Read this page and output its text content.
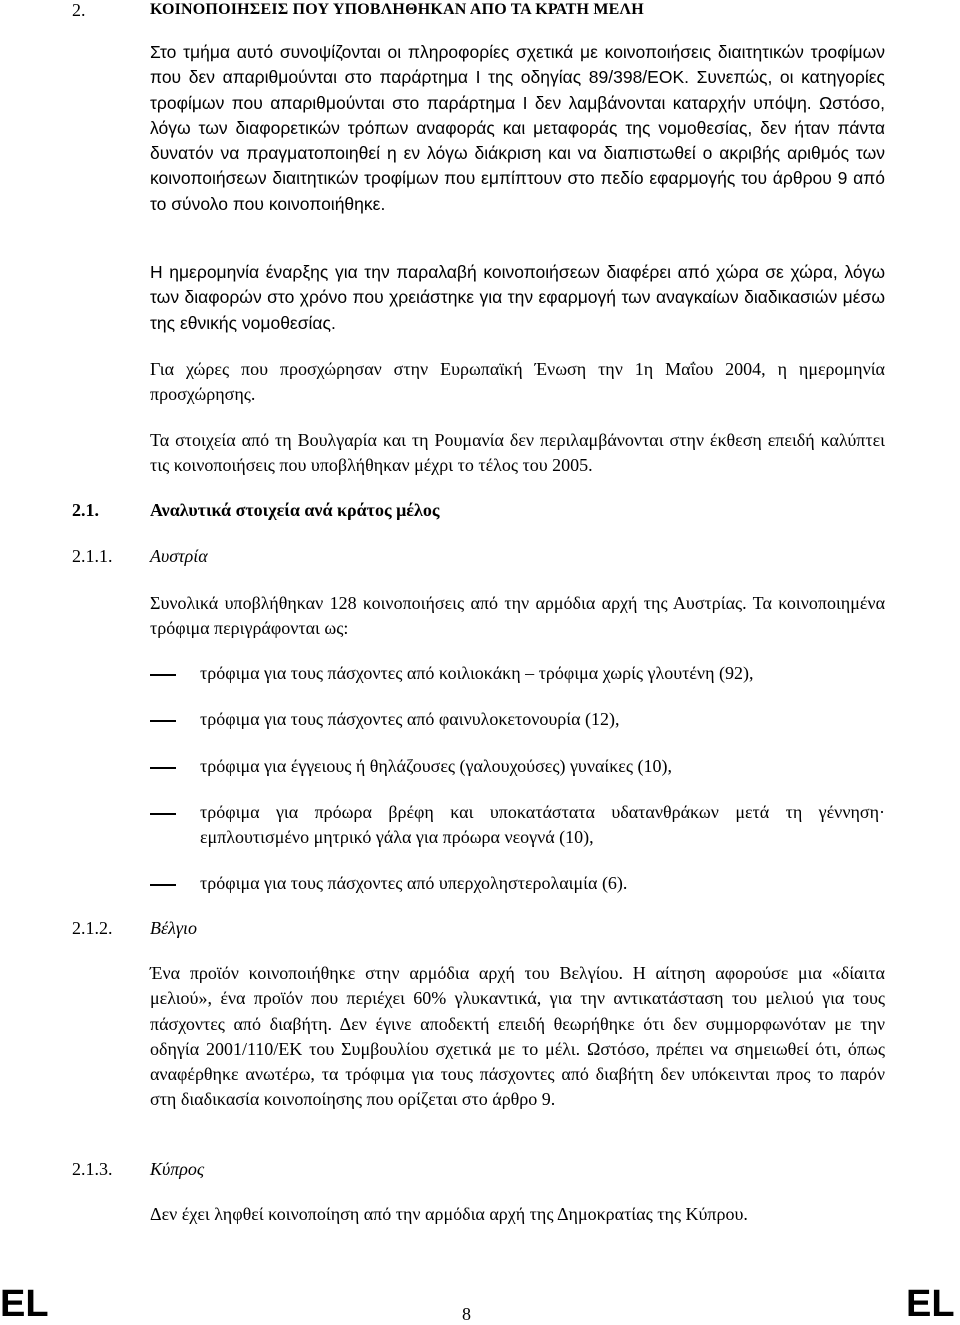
2.	ΚΟΙΝΟΠΟΙΗΣΕΙΣ ΠΟΥ ΥΠΟΒΛΗΘΗΚΑΝ ΑΠΟ ΤΑ ΚΡΑΤΗ ΜΕΛΗ
Στο τμήμα αυτό συνοψίζονται οι πληροφορίες σχετικά με κοινοποιήσεις διαιτητικών τροφίμων που δεν απαριθμούνται στο παράρτημα Ι της οδηγίας 89/398/ΕΟΚ. Συνεπώς, οι κατηγορίες τροφίμων που απαριθμούνται στο παράρτημα Ι δεν λαμβάνονται καταρχήν υπόψη. Ωστόσο, λόγω των διαφορετικών τρόπων αναφοράς και μεταφοράς της νομοθεσίας, δεν ήταν πάντα δυνατόν να πραγματοποιηθεί η εν λόγω διάκριση και να διαπιστωθεί ο ακριβής αριθμός των κοινοποιήσεων διαιτητικών τροφίμων που εμπίπτουν στο πεδίο εφαρμογής του άρθρου 9 από το σύνολο που κοινοποιήθηκε.
Η ημερομηνία έναρξης για την παραλαβή κοινοποιήσεων διαφέρει από χώρα σε χώρα, λόγω των διαφορών στο χρόνο που χρειάστηκε για την εφαρμογή των αναγκαίων διαδικασιών μέσω της εθνικής νομοθεσίας.
Για χώρες που προσχώρησαν στην Ευρωπαϊκή Ένωση την 1η Μαΐου 2004, η ημερομηνία προσχώρησης.
Τα στοιχεία από τη Βουλγαρία και τη Ρουμανία δεν περιλαμβάνονται στην έκθεση επειδή καλύπτει τις κοινοποιήσεις που υποβλήθηκαν μέχρι το τέλος του 2005.
2.1.	Αναλυτικά στοιχεία ανά κράτος μέλος
2.1.1. Αυστρία
Συνολικά υποβλήθηκαν 128 κοινοποιήσεις από την αρμόδια αρχή της Αυστρίας. Τα κοινοποιημένα τρόφιμα περιγράφονται ως:
τρόφιμα για τους πάσχοντες από κοιλιοκάκη – τρόφιμα χωρίς γλουτένη (92),
τρόφιμα για τους πάσχοντες από φαινυλοκετονουρία (12),
τρόφιμα για έγγειους ή θηλάζουσες (γαλουχούσες) γυναίκες (10),
τρόφιμα για πρόωρα βρέφη και υποκατάστατα υδατανθράκων μετά τη γέννηση· εμπλουτισμένο μητρικό γάλα για πρόωρα νεογνά (10),
τρόφιμα για τους πάσχοντες από υπερχοληστερολαιμία (6).
2.1.2. Βέλγιο
Ένα προϊόν κοινοποιήθηκε στην αρμόδια αρχή του Βελγίου. Η αίτηση αφορούσε μια «δίαιτα μελιού», ένα προϊόν που περιέχει 60% γλυκαντικά, για την αντικατάσταση του μελιού για τους πάσχοντες από διαβήτη. Δεν έγινε αποδεκτή επειδή θεωρήθηκε ότι δεν συμμορφωνόταν με την οδηγία 2001/110/ΕΚ του Συμβουλίου σχετικά με το μέλι. Ωστόσο, πρέπει να σημειωθεί ότι, όπως αναφέρθηκε ανωτέρω, τα τρόφιμα για τους πάσχοντες από διαβήτη δεν υπόκεινται προς το παρόν στη διαδικασία κοινοποίησης που ορίζεται στο άρθρο 9.
2.1.3. Κύπρος
Δεν έχει ληφθεί κοινοποίηση από την αρμόδια αρχή της Δημοκρατίας της Κύπρου.
EL	8	EL
